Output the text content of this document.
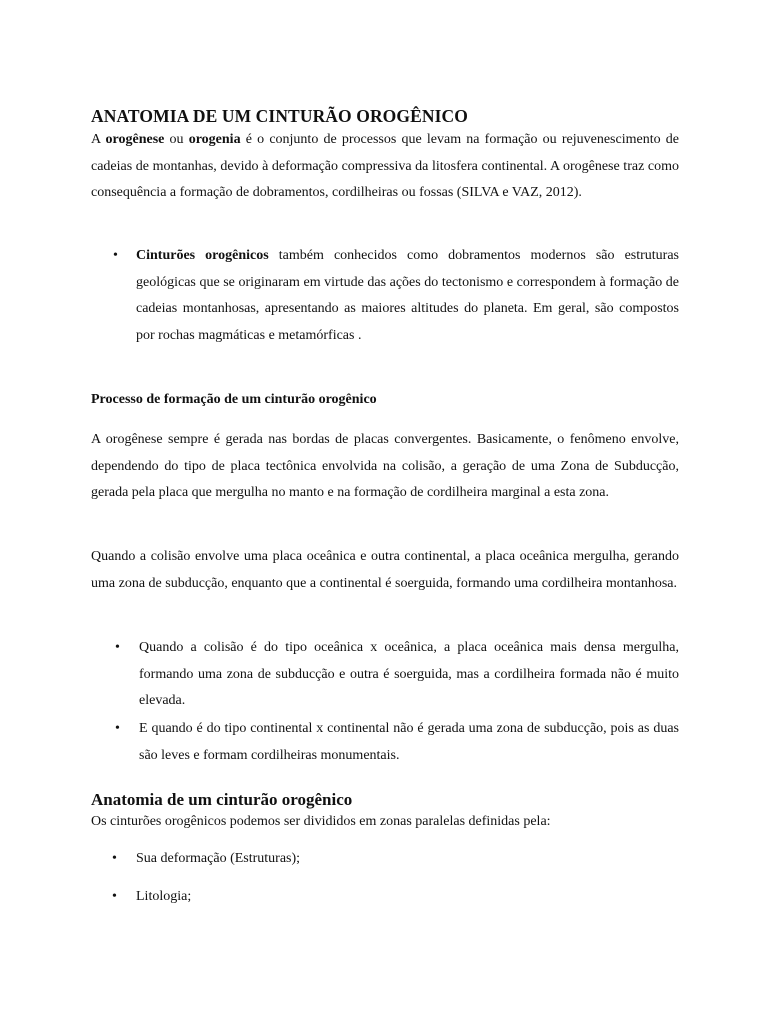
ANATOMIA DE UM CINTURÃO OROGÊNICO

A orogênese ou orogenia é o conjunto de processos que levam na formação ou rejuvenescimento de cadeias de montanhas, devido à deformação compressiva da litosfera continental. A orogênese traz como consequência a formação de dobramentos, cordilheiras ou fossas (SILVA e VAZ, 2012).

• Cinturões orogênicos também conhecidos como dobramentos modernos são estruturas geológicas que se originaram em virtude das ações do tectonismo e correspondem à formação de cadeias montanhosas, apresentando as maiores altitudes do planeta. Em geral, são compostos por rochas magmáticas e metamórficas .
Processo de formação de um cinturão orogênico

A orogênese sempre é gerada nas bordas de placas convergentes. Basicamente, o fenômeno envolve, dependendo do tipo de placa tectônica envolvida na colisão, a geração de uma Zona de Subducção, gerada pela placa que mergulha no manto e na formação de cordilheira marginal a esta zona.

Quando a colisão envolve uma placa oceânica e outra continental, a placa oceânica mergulha, gerando uma zona de subducção, enquanto que a continental é soerguida, formando uma cordilheira montanhosa.

• Quando a colisão é do tipo oceânica x oceânica, a placa oceânica mais densa mergulha, formando uma zona de subducção e outra é soerguida, mas a cordilheira formada não é muito elevada.
• E quando é do tipo continental x continental não é gerada uma zona de subducção, pois as duas são leves e formam cordilheiras monumentais.
Anatomia de um cinturão orogênico

Os cinturões orogênicos podemos ser divididos em zonas paralelas definidas pela:

• Sua deformação (Estruturas);
• Litologia;
